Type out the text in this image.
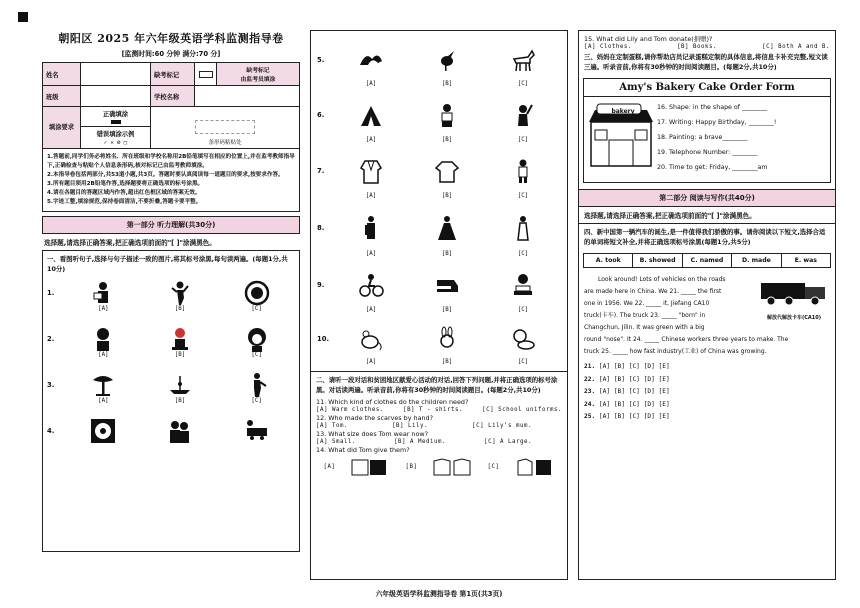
朝阳区 2025 年六年级英语学科监测指导卷
[监测时间:60 分钟 满分:70 分]
姓名		缺考标记		缺考标记
由监考员填涂

班级		学校名称		
填涂要求	正确填涂	条形码粘贴处		

	错误填涂示例
✓ ✕ ⊘ □			
1.答题前,同学们务必将姓名、所在班级和学校名称用2B铅笔填写在相应的位置上,并在监考教师指导下,正确检查与粘贴个人信息条形码,核对标记已由监考教师填涂。
2.本指导卷包括两部分,共53道小题,共3页。答题时要认真阅读每一道题目的要求,按要求作答。
3.所有题目须用2B铅笔作答,选择题要将正确选项的标号涂黑。
4.请在各题目的答题区域内作答,超出红色框区域的答案无效。
5.字迹工整,填涂规范,保持卷面清洁,不要折叠,答题卡要平整。
第一部分 听力理解(共30分)
选择题,请选择正确答案,把正确选项前面的"[ ]"涂满黑色。
一、看图听句子,选择与句子描述一致的图片,将其标号涂黑,每句读两遍。(每题1分,共10分)
1.
[A]	[B]	[C]
2.
[A]	[B]	[C]
3.
[A]	[B]	[C]
4.
5.
[A]	[B]	[C]
6.
[A]	[B]	[C]
7.
[A]	[B]	[C]
8.
[A]	[B]	[C]
9.
[A]	[B]	[C]
10.
[A]	[B]	[C]
二、请听一段对话和贫困地区献爱心活动的对话,回答下列问题,并将正确选项的标号涂黑。对话读两遍。听录音前,你将有30秒钟的时间阅读题目。(每题2分,共10分)
11. Which kind of clothes do the children need?
[A] Warm clothes.	[B] T - shirts.	[C] School uniforms.
12. Who made the scarves by hand?
[A] Tom.	[B] Lily.	[C] Lily's mum.
13. What size does Tom wear now?
[A] Small.	[B] A Medium.	[C] A Large.
14. What did Tom give them?
[A]	[B]	[C]
15. What did Lily and Tom donate(捐赠)?
[A] Clothes.	[B] Books.	[C] Both A and B.
三、妈妈在定制蛋糕,请你帮助店员记录蛋糕定制的具体信息,将信息卡补充完整,短文读三遍。听录音前,你将有30秒钟的时间阅读题目。(每题2分,共10分)
Amy's Bakery Cake Order Form
bakery
16. Shape: in the shape of ________
17. Writing: Happy Birthday, ________!
18. Painting: a brave________
19. Telephone Number: ________
20. Time to get: Friday, ________am
第二部分 阅读与写作(共40分)
选择题,请选择正确答案,把正确选项前面的"[ ]"涂满黑色。
四、新中国第一辆汽车的诞生,是一件值得我们骄傲的事。请你阅读以下短文,选择合适的单词将短文补全,并将正确选项标号涂黑(每题1分,共5分)
A. took	B. showed	C. named	D. made	E. was
解放代解放卡车(CA10)
Look around! Lots of vehicles on the roads
are made here in China. We 21. _____ the first
one in 1956. We 22. _____ it, Jiefang CA10
truck(卡车). The truck 23. _____ "born" in
Changchun, Jilin. It was green with a big
round "nose". It 24. _____ Chinese workers three years to make. The
truck 25. _____ how fast industry(工业) of China was growing.
21. [A] [B] [C] [D] [E]
22. [A] [B] [C] [D] [E]
23. [A] [B] [C] [D] [E]
24. [A] [B] [C] [D] [E]
25. [A] [B] [C] [D] [E]
六年级英语学科监测指导卷 第1页(共3页)
